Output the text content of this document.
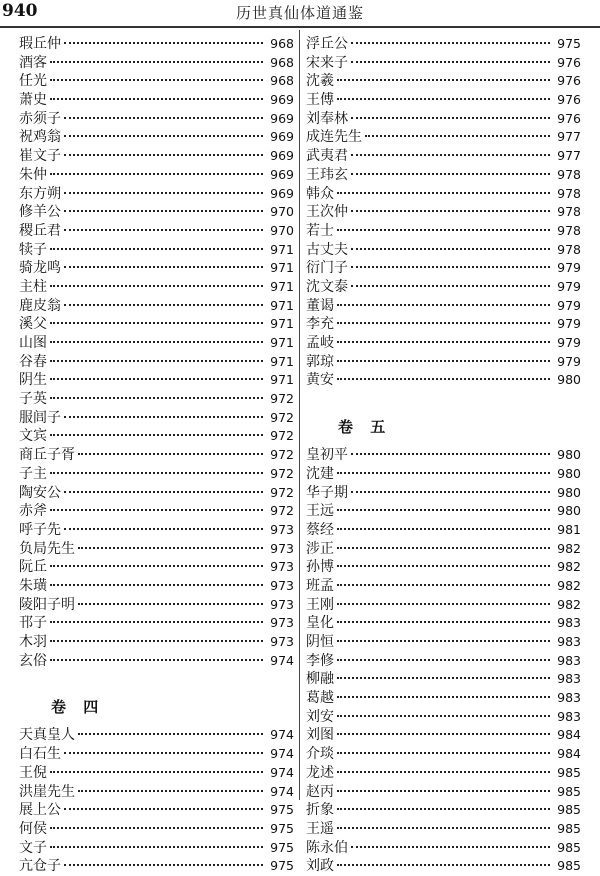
940	历世真仙体道通鉴
瑕丘仲	968
酒客	968
任光	968
萧史	969
赤须子	969
祝鸡翁	969
崔文子	969
朱仲	969
东方朔	969
修羊公	970
稷丘君	970
犊子	971
骑龙鸣	971
主柱	971
鹿皮翁	971
溪父	971
山图	971
谷春	971
阴生	971
子英	972
服闾子	972
文宾	972
商丘子胥	972
子主	972
陶安公	972
赤斧	972
呼子先	973
负局先生	973
阮丘	973
朱璜	973
陵阳子明	973
邗子	973
木羽	973
玄俗	974
卷 四
天真皇人	974
白石生	974
王倪	974
洪崖先生	974
展上公	975
何侯	975
文子	975
亢仓子	975
浮丘公	975
宋来子	976
沈羲	976
王傅	976
刘奉林	976
成连先生	977
武夷君	977
王玮玄	978
韩众	978
王次仲	978
若士	978
古丈夫	978
衍门子	979
沈文泰	979
董谒	979
李充	979
孟岐	979
郭琼	979
黄安	980
卷 五
皇初平	980
沈建	980
华子期	980
王远	980
蔡经	981
涉正	982
孙博	982
班孟	982
王刚	982
皇化	983
阴恒	983
李修	983
柳融	983
葛越	983
刘安	983
刘图	984
介琰	984
龙述	985
赵丙	985
折象	985
王遥	985
陈永伯	985
刘政	985
